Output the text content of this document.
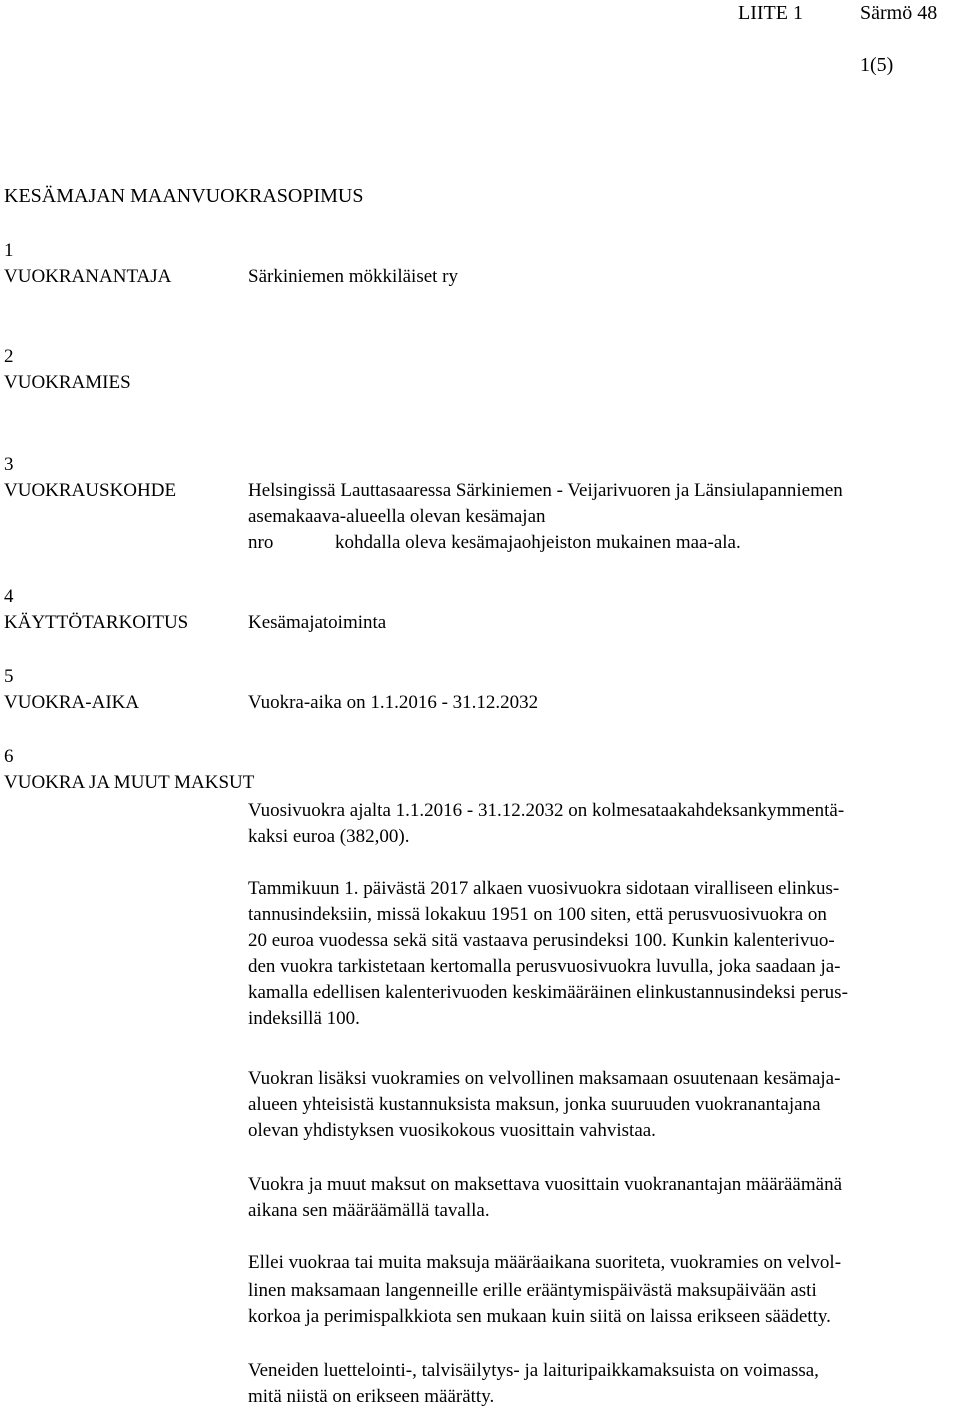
LIITE 1	Särmö 48
1(5)
KESÄMAJAN MAANVUOKRASOPIMUS
1
VUOKRANANTAJA	Särkiniemen mökkiläiset ry
2
VUOKRAMIES
3
VUOKRAUSKOHDE	Helsingissä Lauttasaaressa Särkiniemen - Veijarivuoren ja Länsiulapanniemen
asemakaava-alueella olevan kesämajan
nro	kohdalla oleva kesämajaohjeiston mukainen maa-ala.
4
KÄYTTÖTARKOITUS	Kesämajatoiminta
5
VUOKRA-AIKA	Vuokra-aika on 1.1.2016 - 31.12.2032
6
VUOKRA JA MUUT MAKSUT
Vuosivuokra ajalta 1.1.2016 - 31.12.2032 on kolmesataakahdeksankymmentä-
kaksi euroa (382,00).
Tammikuun 1. päivästä 2017 alkaen vuosivuokra sidotaan viralliseen elinkus-
tannusindeksiin, missä lokakuu 1951 on 100 siten, että perusvuosivuokra on
20 euroa vuodessa sekä sitä vastaava perusindeksi 100. Kunkin kalenterivuo-
den vuokra tarkistetaan kertomalla perusvuosivuokra luvulla, joka saadaan ja-
kamalla edellisen kalenterivuoden keskimääräinen elinkustannusindeksi perus-
indeksillä 100.
Vuokran lisäksi vuokramies on velvollinen maksamaan osuutenaan kesämaja-
alueen yhteisistä kustannuksista maksun, jonka suuruuden vuokranantajana
olevan yhdistyksen vuosikokous vuosittain vahvistaa.
Vuokra ja muut maksut on maksettava vuosittain vuokranantajan määräämänä
aikana sen määräämällä tavalla.
Ellei vuokraa tai muita maksuja määräaikana suoriteta, vuokramies on velvol-
linen maksamaan langenneille erille erääntymispäivästä maksupäivään asti
korkoa ja perimispalkkiota sen mukaan kuin siitä on laissa erikseen säädetty.
Veneiden luettelointi-, talvisäilytys- ja laituripaikkamaksuista on voimassa,
mitä niistä on erikseen määrätty.
